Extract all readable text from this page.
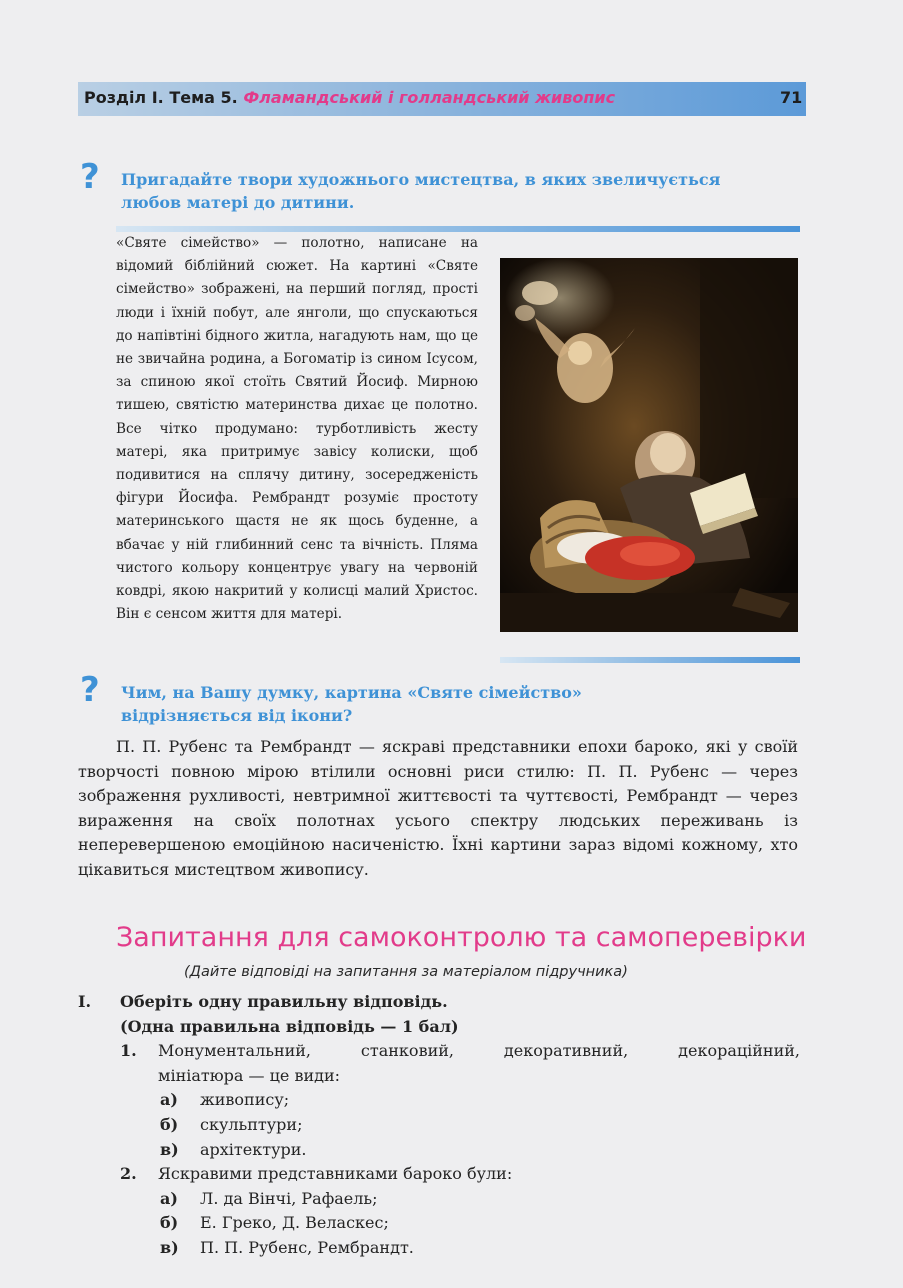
Розділ І. Тема 5. Фламандський і голландський живопис	71
? Пригадайте твори художнього мистецтва, в яких звеличується
любов матері до дитини.

«Святе сімейство» — полотно, написане на відомий біблійний сюжет. На картині «Святе сімейство» зображені, на перший погляд, прості люди і їхній побут, але янголи, що спускаються до напівтіні бідного житла, нагадують нам, що це не звичайна родина, а Богоматір із сином Ісусом, за спиною якої стоїть Святий Йосиф. Мирною тишею, святістю материнства дихає це полотно. Все чітко продумано: турботливість жесту матері, яка притримує завісу колиски, щоб подивитися на сплячу дитину, зосередженість фігури Йосифа. Рембрандт розуміє простоту материнського щастя не як щось буденне, а вбачає у ній глибинний сенс та вічність. Пляма чистого кольору концентрує увагу на червоній ковдрі, якою накритий у колисці малий Христос. Він є сенсом життя для матері.

? Чим, на Вашу думку, картина «Святе сімейство»
відрізняється від ікони?

П. П. Рубенс та Рембрандт — яскраві представники епохи бароко, які у своїй творчості повною мірою втілили основні риси стилю: П. П. Рубенс — через зображення рухливості, невтримної життєвості та чуттєвості, Рембрандт — через вираження на своїх полотнах усього спектру людських переживань із неперевершеною емоційною насиченістю. Їхні картини зараз відомі кожному, хто цікавиться мистецтвом живопису.

Запитання для самоконтролю та самоперевірки
(Дайте відповіді на запитання за матеріалом підручника)
I. Оберіть одну правильну відповідь.
(Одна правильна відповідь — 1 бал)
1. Монументальний, станковий, декоративний, декораційний,
мініатюра — це види:
а) живопису;
б) скульптури;
в) архітектури.
2. Яскравими представниками бароко були:
а) Л. да Вінчі, Рафаель;
б) Е. Греко, Д. Веласкес;
в) П. П. Рубенс, Рембрандт.
